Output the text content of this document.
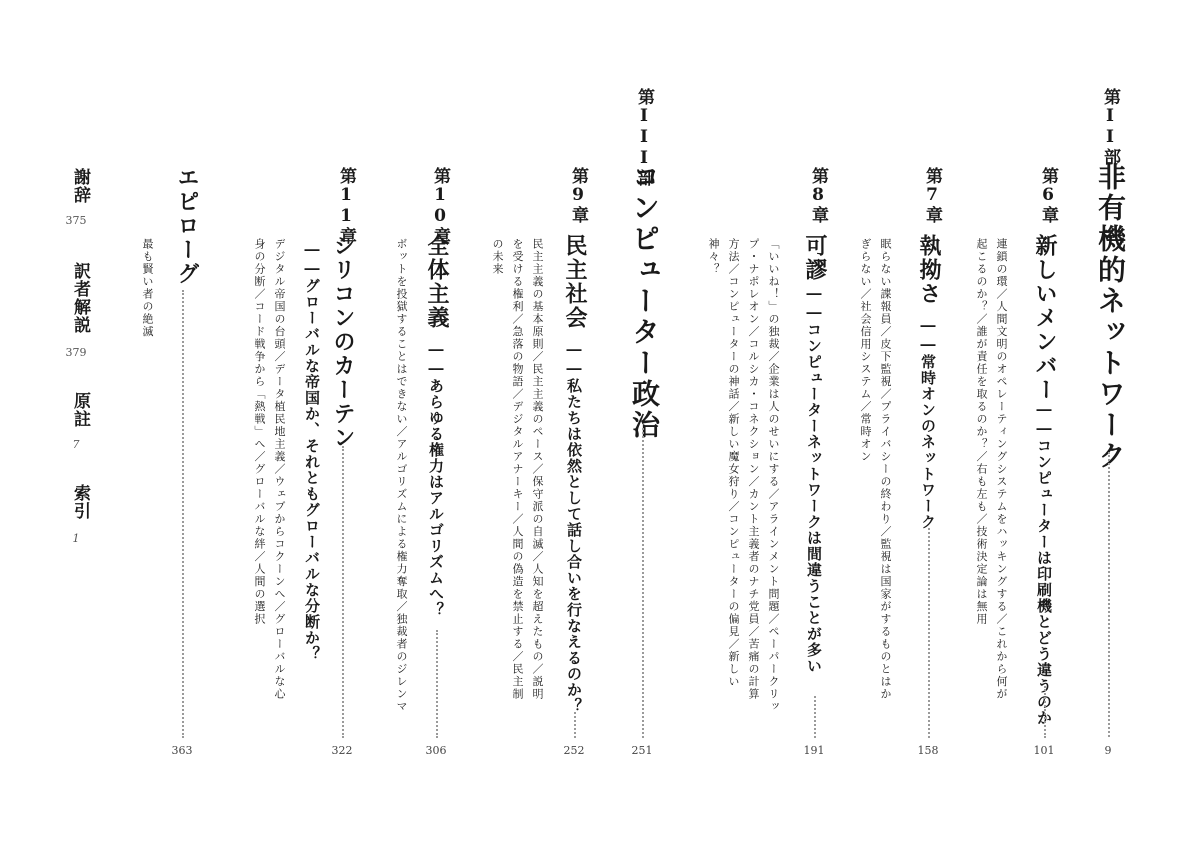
第II部
非有機的ネットワーク
9
第6章
新しいメンバー
――コンピューターは印刷機とどう違うのか
101
連鎖の環／人間文明のオペレーティングシステムをハッキングする／これから何が
起こるのか？／誰が責任を取るのか？／右も左も／技術決定論は無用
第7章
執拗さ
――常時オンのネットワーク
158
眠らない諜報員／皮下監視／プライバシーの終わり／監視は国家がするものとはか
ぎらない／社会信用システム／常時オン
第8章
可謬
――コンピューターネットワークは間違うことが多い
191
「いいね！」の独裁／企業は人のせいにする／アラインメント問題／ペーパークリッ
プ・ナポレオン／コルシカ・コネクション／カント主義者のナチ党員／苦痛の計算
方法／コンピューターの神話／新しい魔女狩り／コンピューターの偏見／新しい
神々？
第III部
コンピューター政治
251
第9章
民主社会
――私たちは依然として話し合いを行なえるのか？
252
民主主義の基本原則／民主主義のペース／保守派の自滅／人知を超えたもの／説明
を受ける権利／急落の物語／デジタルアナーキー／人間の偽造を禁止する／民主制
の未来
第10章
全体主義
――あらゆる権力はアルゴリズムへ？
306
ボットを投獄することはできない／アルゴリズムによる権力奪取／独裁者のジレンマ
第11章
シリコンのカーテン
――グローバルな帝国か、それともグローバルな分断か？
322
デジタル帝国の台頭／データ植民地主義／ウェブからコクーンへ／グローバルな心
身の分断／コード戦争から「熱戦」へ／グローバルな絆／人間の選択
エピローグ
363
最も賢い者の絶滅
謝辞
375
訳者解説
379
原註
7
索引
1
